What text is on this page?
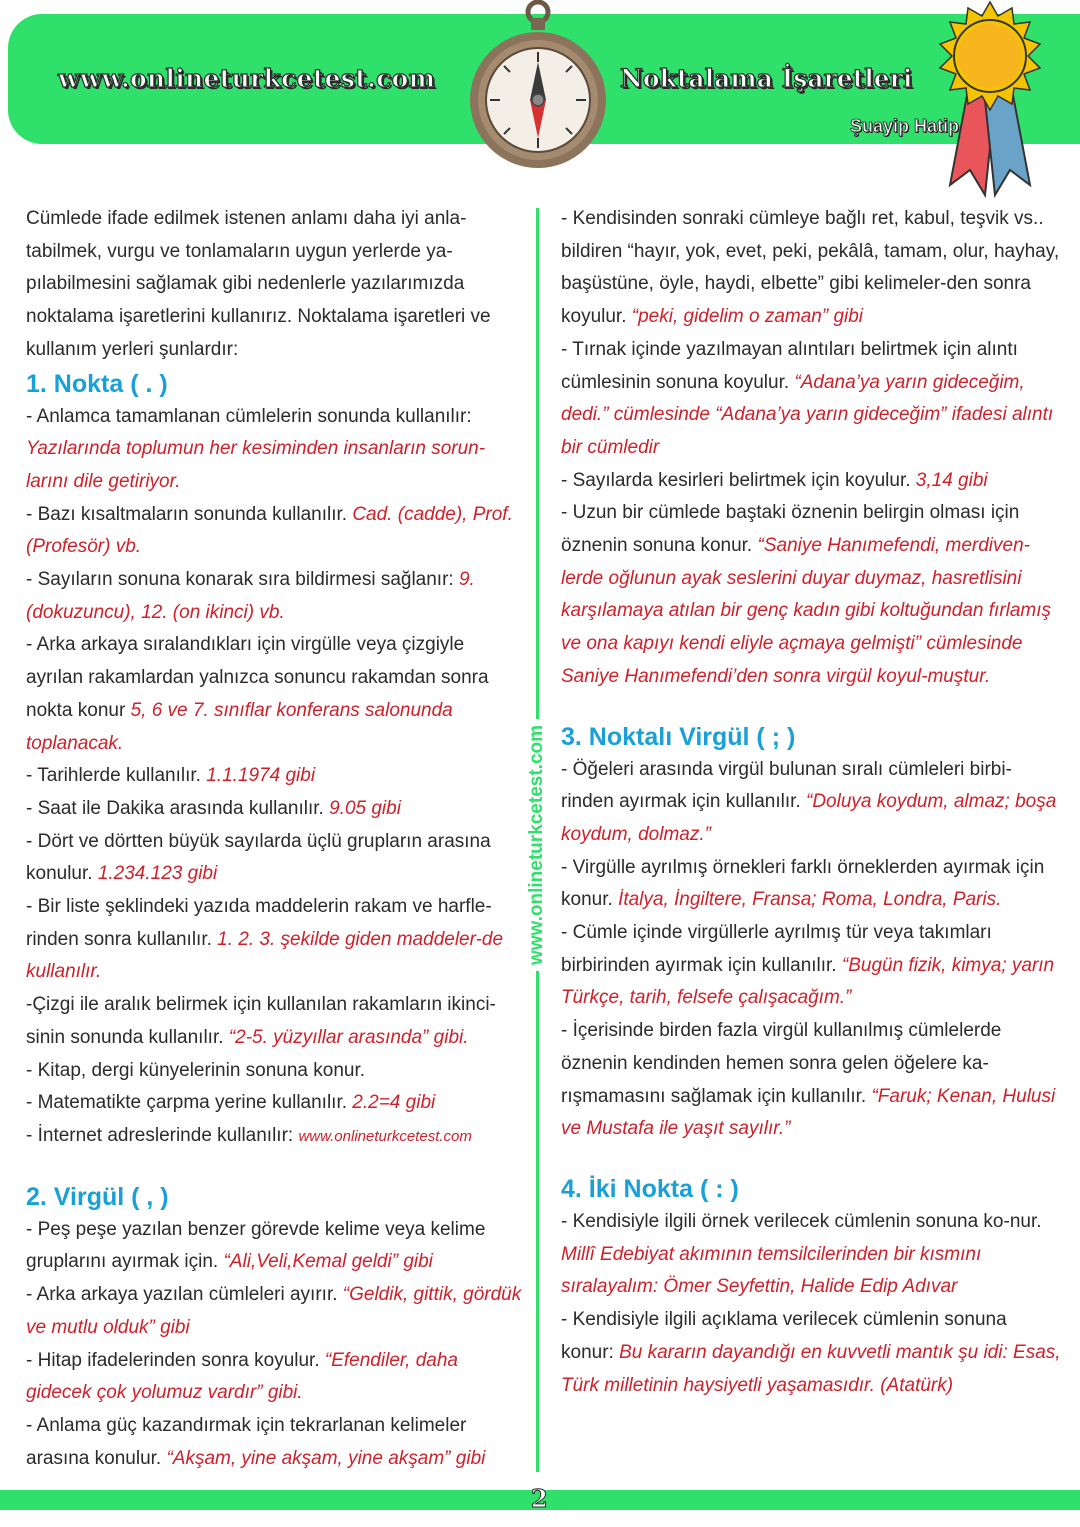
www.onlineturkcetest.com	Noktalama İşaretleri
Şuayip Hatip

Cümlede ifade edilmek istenen anlamı daha iyi anla-tabilmek, vurgu ve tonlamaların uygun yerlerde ya-pılabilmesini sağlamak gibi nedenlerle yazılarımızda noktalama işaretlerini kullanırız. Noktalama işaretleri ve kullanım yerleri şunlardır:

1. Nokta ( . )

- Anlamca tamamlanan cümlelerin sonunda kullanılır: Yazılarında toplumun her kesiminden insanların sorun-larını dile getiriyor.

- Bazı kısaltmaların sonunda kullanılır. Cad. (cadde), Prof. (Profesör) vb.

- Sayıların sonuna konarak sıra bildirmesi sağlanır: 9. (dokuzuncu), 12. (on ikinci) vb.

- Arka arkaya sıralandıkları için virgülle veya çizgiyle ayrılan rakamlardan yalnızca sonuncu rakamdan sonra nokta konur 5, 6 ve 7. sınıflar konferans salonunda toplanacak.

- Tarihlerde kullanılır. 1.1.1974 gibi

- Saat ile Dakika arasında kullanılır. 9.05 gibi

- Dört ve dörtten büyük sayılarda üçlü grupların arasına konulur. 1.234.123 gibi

- Bir liste şeklindeki yazıda maddelerin rakam ve harfle-rinden sonra kullanılır. 1. 2. 3. şekilde giden maddeler-de kullanılır.

-Çizgi ile aralık belirmek için kullanılan rakamların ikinci-sinin sonunda kullanılır. “2-5. yüzyıllar arasında” gibi.

- Kitap, dergi künyelerinin sonuna konur.

- Matematikte çarpma yerine kullanılır. 2.2=4 gibi

- İnternet adreslerinde kullanılır: www.onlineturkcetest.com

2. Virgül ( , )

- Peş peşe yazılan benzer görevde kelime veya kelime gruplarını ayırmak için. “Ali,Veli,Kemal geldi” gibi

- Arka arkaya yazılan cümleleri ayırır. “Geldik, gittik, gördük ve mutlu olduk” gibi

- Hitap ifadelerinden sonra koyulur. “Efendiler, daha gidecek çok yolumuz vardır” gibi.

- Anlama güç kazandırmak için tekrarlanan kelimeler arasına konulur. “Akşam, yine akşam, yine akşam” gibi

www.onlineturkcetest.com

- Kendisinden sonraki cümleye bağlı ret, kabul, teşvik vs.. bildiren “hayır, yok, evet, peki, pekâlâ, tamam, olur, hayhay, başüstüne, öyle, haydi, elbette” gibi kelimeler-den sonra koyulur. “peki, gidelim o zaman” gibi

- Tırnak içinde yazılmayan alıntıları belirtmek için alıntı cümlesinin sonuna koyulur. “Adana’ya yarın gideceğim, dedi.” cümlesinde “Adana’ya yarın gideceğim” ifadesi alıntı bir cümledir

- Sayılarda kesirleri belirtmek için koyulur. 3,14 gibi

- Uzun bir cümlede baştaki öznenin belirgin olması için öznenin sonuna konur. “Saniye Hanımefendi, merdiven-lerde oğlunun ayak seslerini duyar duymaz, hasretlisini karşılamaya atılan bir genç kadın gibi koltuğundan fırlamış ve ona kapıyı kendi eliyle açmaya gelmişti” cümlesinde Saniye Hanımefendi’den sonra virgül koyul-muştur.

3. Noktalı Virgül ( ; )

- Öğeleri arasında virgül bulunan sıralı cümleleri birbi-rinden ayırmak için kullanılır. “Doluya koydum, almaz; boşa koydum, dolmaz.”

- Virgülle ayrılmış örnekleri farklı örneklerden ayırmak için konur. İtalya, İngiltere, Fransa; Roma, Londra, Paris.

- Cümle içinde virgüllerle ayrılmış tür veya takımları birbirinden ayırmak için kullanılır. “Bugün fizik, kimya; yarın Türkçe, tarih, felsefe çalışacağım.”

- İçerisinde birden fazla virgül kullanılmış cümlelerde öznenin kendinden hemen sonra gelen öğelere ka-rışmamasını sağlamak için kullanılır. “Faruk; Kenan, Hulusi ve Mustafa ile yaşıt sayılır.”

4. İki Nokta ( : )

- Kendisiyle ilgili örnek verilecek cümlenin sonuna ko-nur. Millî Edebiyat akımının temsilcilerinden bir kısmını sıralayalım: Ömer Seyfettin, Halide Edip Adıvar

- Kendisiyle ilgili açıklama verilecek cümlenin sonuna konur: Bu kararın dayandığı en kuvvetli mantık şu idi: Esas, Türk milletinin haysiyetli yaşamasıdır. (Atatürk)

2
